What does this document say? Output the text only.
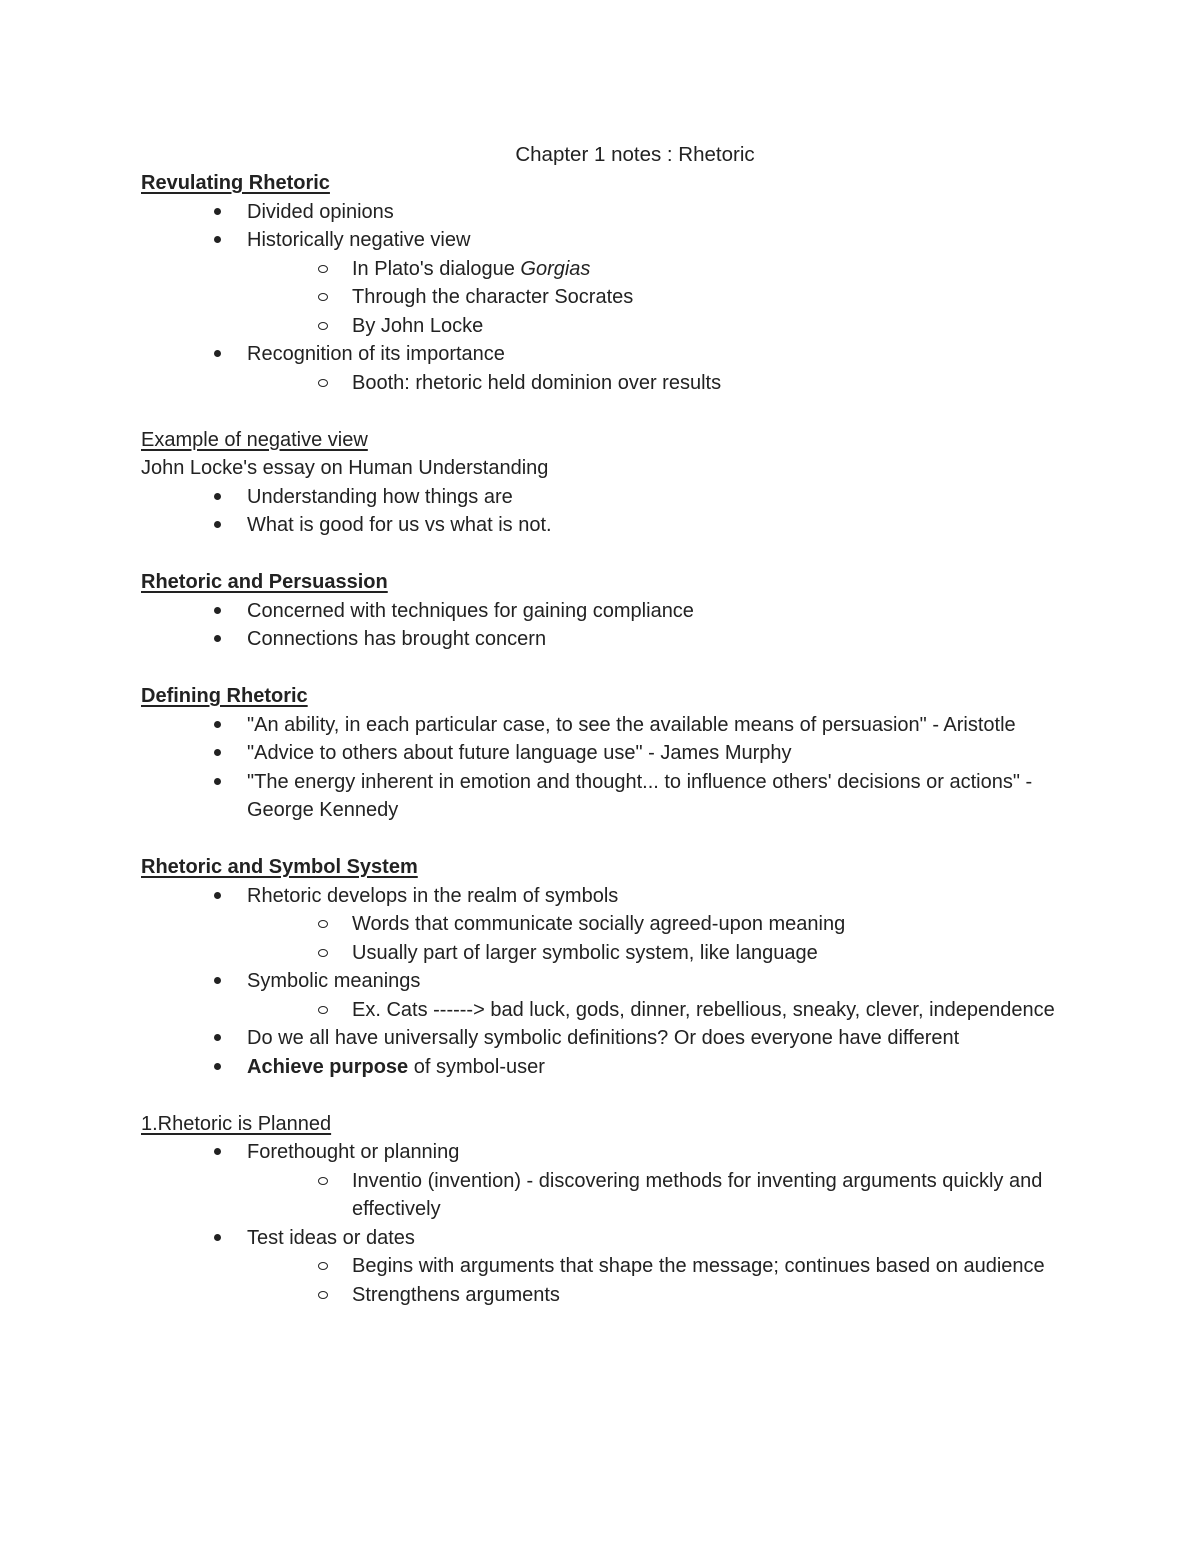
Chapter 1 notes : Rhetoric

Revulating Rhetoric

Divided opinions
Historically negative view
In Plato's dialogue Gorgias
Through the character Socrates
By John Locke
Recognition of its importance
Booth: rhetoric held dominion over results

Example of negative view

John Locke's essay on Human Understanding

Understanding how things are
What is good for us vs what is not.

Rhetoric and Persuassion

Concerned with techniques for gaining compliance
Connections has brought concern

Defining Rhetoric

"An ability, in each particular case, to see the available means of persuasion" - Aristotle
"Advice to others about future language use" - James Murphy
"The energy inherent in emotion and thought... to influence others' decisions or actions" - George Kennedy

Rhetoric and Symbol System

Rhetoric develops in the realm of symbols
Words that communicate socially agreed-upon meaning
Usually part of larger symbolic system, like language
Symbolic meanings
Ex. Cats ------> bad luck, gods, dinner, rebellious, sneaky, clever, independence
Do we all have universally symbolic definitions? Or does everyone have different
Achieve purpose of symbol-user

1.Rhetoric is Planned

Forethought or planning
Inventio (invention) - discovering methods for inventing arguments quickly and effectively
Test ideas or dates
Begins with arguments that shape the message; continues based on audience
Strengthens arguments
